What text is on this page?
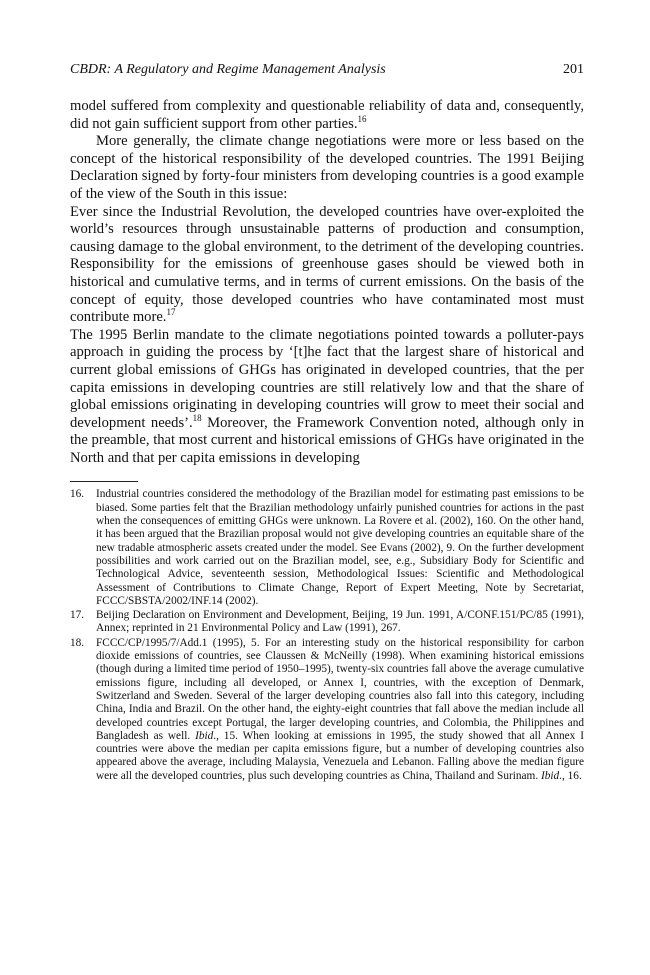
CBDR: A Regulatory and Regime Management Analysis	201

model suffered from complexity and questionable reliability of data and, consequently, did not gain sufficient support from other parties.$^{16}$

More generally, the climate change negotiations were more or less based on the concept of the historical responsibility of the developed countries. The 1991 Beijing Declaration signed by forty-four ministers from developing countries is a good example of the view of the South in this issue:

Ever since the Industrial Revolution, the developed countries have over-exploited the world’s resources through unsustainable patterns of production and consumption, causing damage to the global environment, to the detriment of the developing countries. Responsibility for the emissions of greenhouse gases should be viewed both in historical and cumulative terms, and in terms of current emissions. On the basis of the concept of equity, those developed countries who have contaminated most must contribute more.$^{17}$

The 1995 Berlin mandate to the climate negotiations pointed towards a polluter-pays approach in guiding the process by ‘[t]he fact that the largest share of historical and current global emissions of GHGs has originated in developed countries, that the per capita emissions in developing countries are still relatively low and that the share of global emissions originating in developing countries will grow to meet their social and development needs’.$^{18}$ Moreover, the Framework Convention noted, although only in the preamble, that most current and historical emissions of GHGs have originated in the North and that per capita emissions in developing

16. Industrial countries considered the methodology of the Brazilian model for estimating past emissions to be biased. Some parties felt that the Brazilian methodology unfairly punished countries for actions in the past when the consequences of emitting GHGs were unknown. La Rovere et al. (2002), 160. On the other hand, it has been argued that the Brazilian proposal would not give developing countries an equitable share of the new tradable atmospheric assets created under the model. See Evans (2002), 9. On the further development possibilities and work carried out on the Brazilian model, see, e.g., Subsidiary Body for Scientific and Technological Advice, seventeenth session, Methodological Issues: Scientific and Methodological Assessment of Contributions to Climate Change, Report of Expert Meeting, Note by Secretariat, FCCC/SBSTA/2002/INF.14 (2002).
17. Beijing Declaration on Environment and Development, Beijing, 19 Jun. 1991, A/CONF.151/PC/85 (1991), Annex; reprinted in 21 Environmental Policy and Law (1991), 267.
18. FCCC/CP/1995/7/Add.1 (1995), 5. For an interesting study on the historical responsibility for carbon dioxide emissions of countries, see Claussen & McNeilly (1998). When examining historical emissions (though during a limited time period of 1950–1995), twenty-six countries fall above the average cumulative emissions figure, including all developed, or Annex I, countries, with the exception of Denmark, Switzerland and Sweden. Several of the larger developing countries also fall into this category, including China, India and Brazil. On the other hand, the eighty-eight countries that fall above the median include all developed countries except Portugal, the larger developing countries, and Colombia, the Philippines and Bangladesh as well. Ibid., 15. When looking at emissions in 1995, the study showed that all Annex I countries were above the median per capita emissions figure, but a number of developing countries also appeared above the average, including Malaysia, Venezuela and Lebanon. Falling above the median figure were all the developed countries, plus such developing countries as China, Thailand and Surinam. Ibid., 16.
